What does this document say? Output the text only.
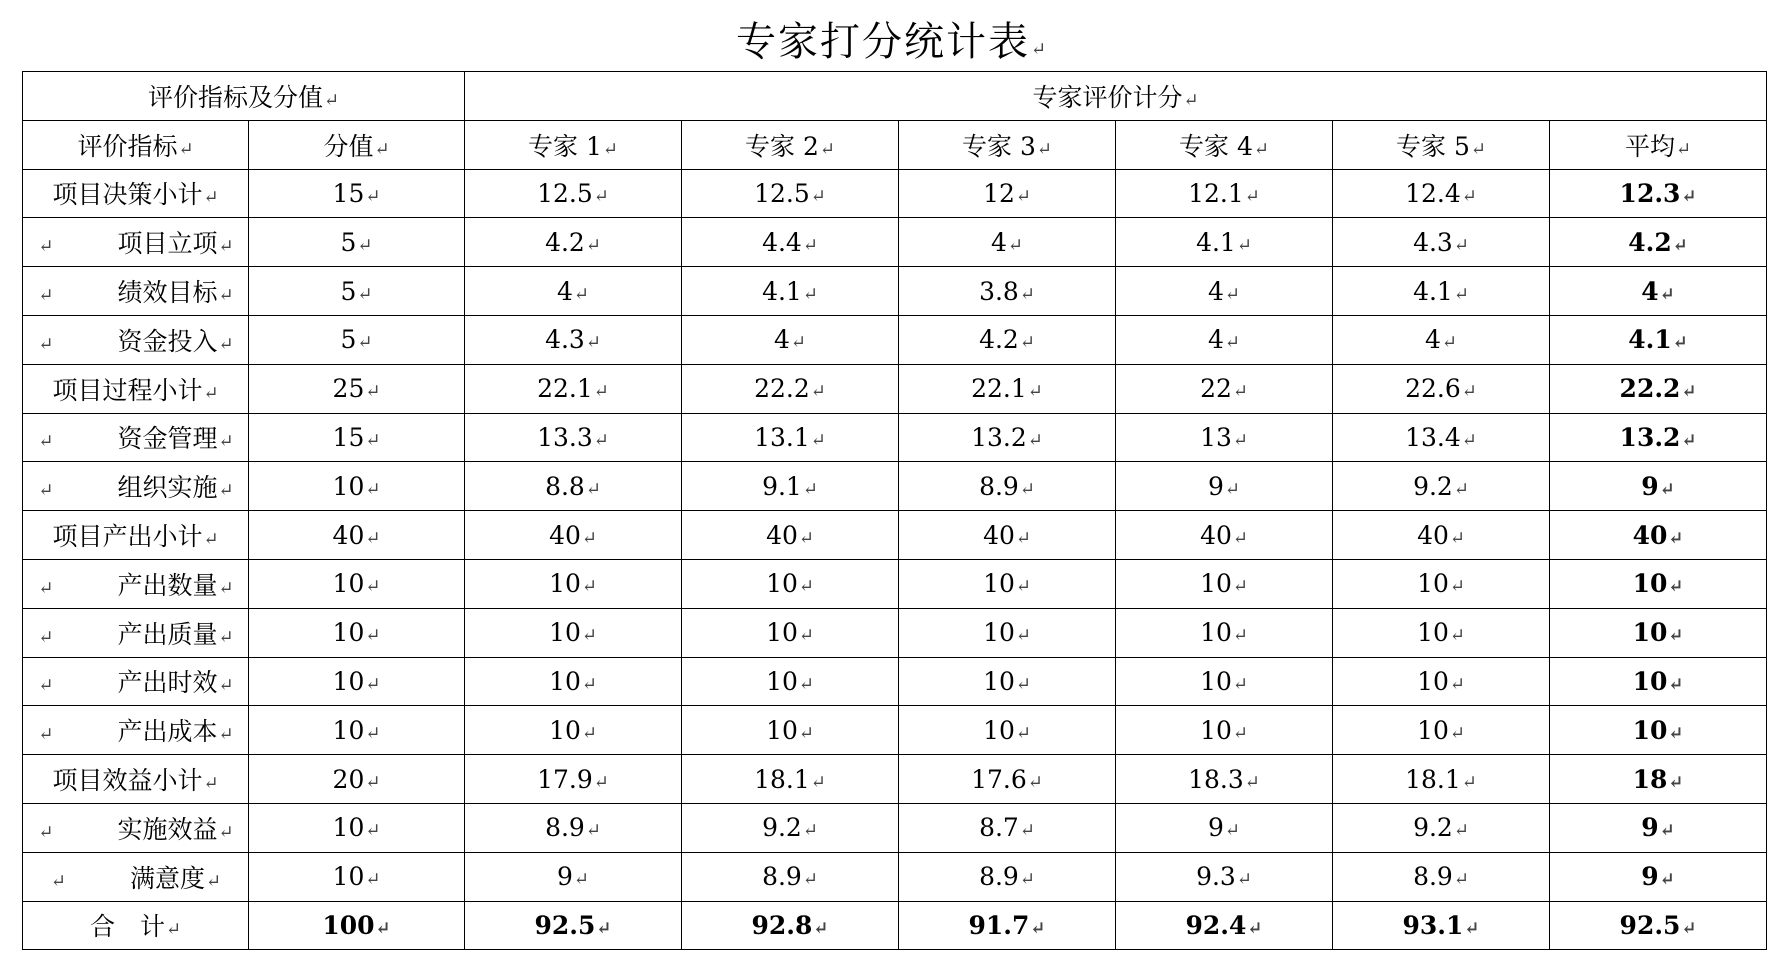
专家打分统计表↵
评价指标及分值↵		专家评价计分↵					
评价指标↵	分值↵	专家 1↵	专家 2↵	专家 3↵	专家 4↵	专家 5↵	平均↵
项目决策小计↵	15↵	12.5↵	12.5↵	12↵	12.1↵	12.4↵	12.3↵
↵ 项目立项↵	5↵	4.2↵	4.4↵	4↵	4.1↵	4.3↵	4.2↵
↵ 绩效目标↵	5↵	4↵	4.1↵	3.8↵	4↵	4.1↵	4↵
↵ 资金投入↵	5↵	4.3↵	4↵	4.2↵	4↵	4↵	4.1↵
项目过程小计↵	25↵	22.1↵	22.2↵	22.1↵	22↵	22.6↵	22.2↵
↵ 资金管理↵	15↵	13.3↵	13.1↵	13.2↵	13↵	13.4↵	13.2↵
↵ 组织实施↵	10↵	8.8↵	9.1↵	8.9↵	9↵	9.2↵	9↵
项目产出小计↵	40↵	40↵	40↵	40↵	40↵	40↵	40↵
↵ 产出数量↵	10↵	10↵	10↵	10↵	10↵	10↵	10↵
↵ 产出质量↵	10↵	10↵	10↵	10↵	10↵	10↵	10↵
↵ 产出时效↵	10↵	10↵	10↵	10↵	10↵	10↵	10↵
↵ 产出成本↵	10↵	10↵	10↵	10↵	10↵	10↵	10↵
项目效益小计↵	20↵	17.9↵	18.1↵	17.6↵	18.3↵	18.1↵	18↵
↵ 实施效益↵	10↵	8.9↵	9.2↵	8.7↵	9↵	9.2↵	9↵
↵ 满意度↵	10↵	9↵	8.9↵	8.9↵	9.3↵	8.9↵	9↵
合　计↵	100↵	92.5↵	92.8↵	91.7↵	92.4↵	93.1↵	92.5↵
